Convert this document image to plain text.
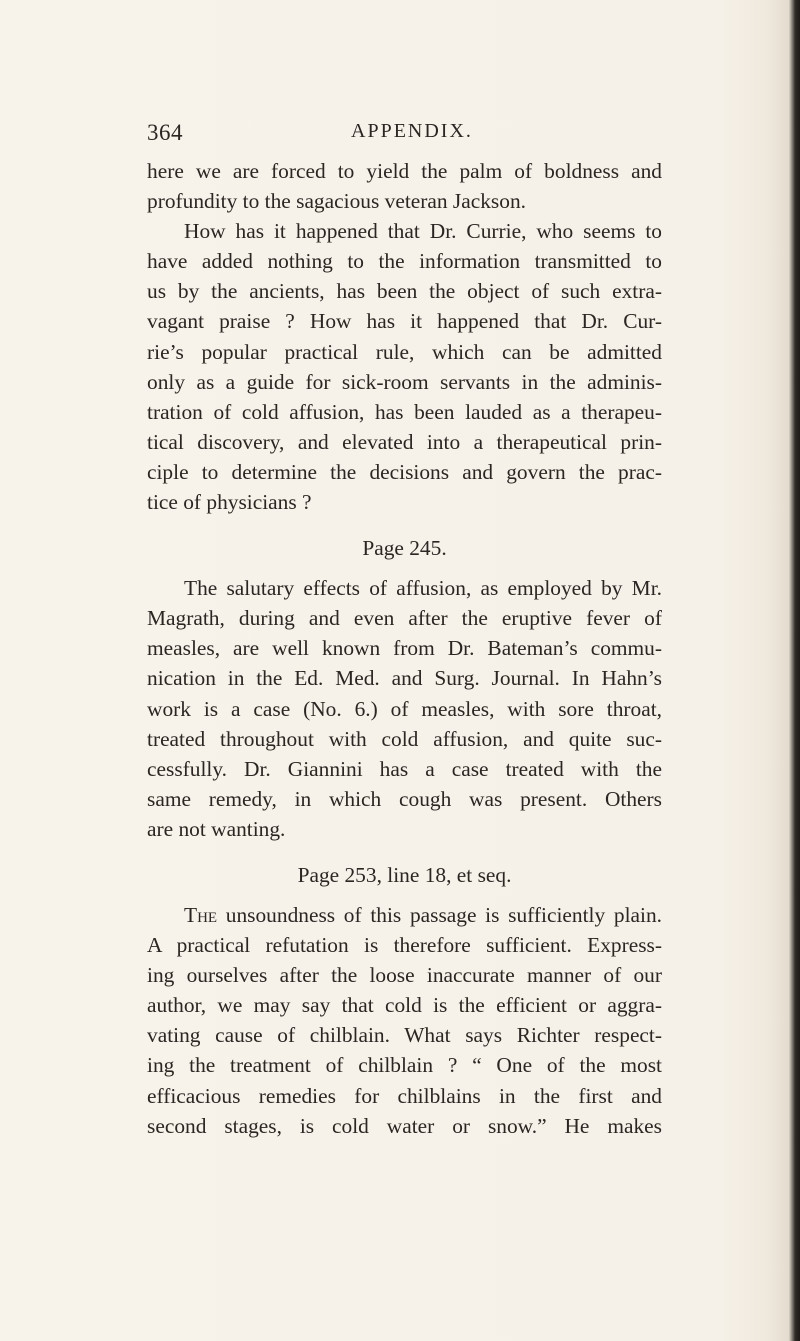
364	APPENDIX.
here we are forced to yield the palm of boldness and
profundity to the sagacious veteran Jackson.
How has it happened that Dr. Currie, who seems to
have added nothing to the information transmitted to
us by the ancients, has been the object of such extra-
vagant praise ? How has it happened that Dr. Cur-
rie’s popular practical rule, which can be admitted
only as a guide for sick-room servants in the adminis-
tration of cold affusion, has been lauded as a therapeu-
tical discovery, and elevated into a therapeutical prin-
ciple to determine the decisions and govern the prac-
tice of physicians ?
Page 245.
The salutary effects of affusion, as employed by Mr.
Magrath, during and even after the eruptive fever of
measles, are well known from Dr. Bateman’s commu-
nication in the Ed. Med. and Surg. Journal. In Hahn’s
work is a case (No. 6.) of measles, with sore throat,
treated throughout with cold affusion, and quite suc-
cessfully. Dr. Giannini has a case treated with the
same remedy, in which cough was present. Others
are not wanting.
Page 253, line 18, et seq.
The unsoundness of this passage is sufficiently plain.
A practical refutation is therefore sufficient. Express-
ing ourselves after the loose inaccurate manner of our
author, we may say that cold is the efficient or aggra-
vating cause of chilblain. What says Richter respect-
ing the treatment of chilblain ? “ One of the most
efficacious remedies for chilblains in the first and
second stages, is cold water or snow.” He makes
